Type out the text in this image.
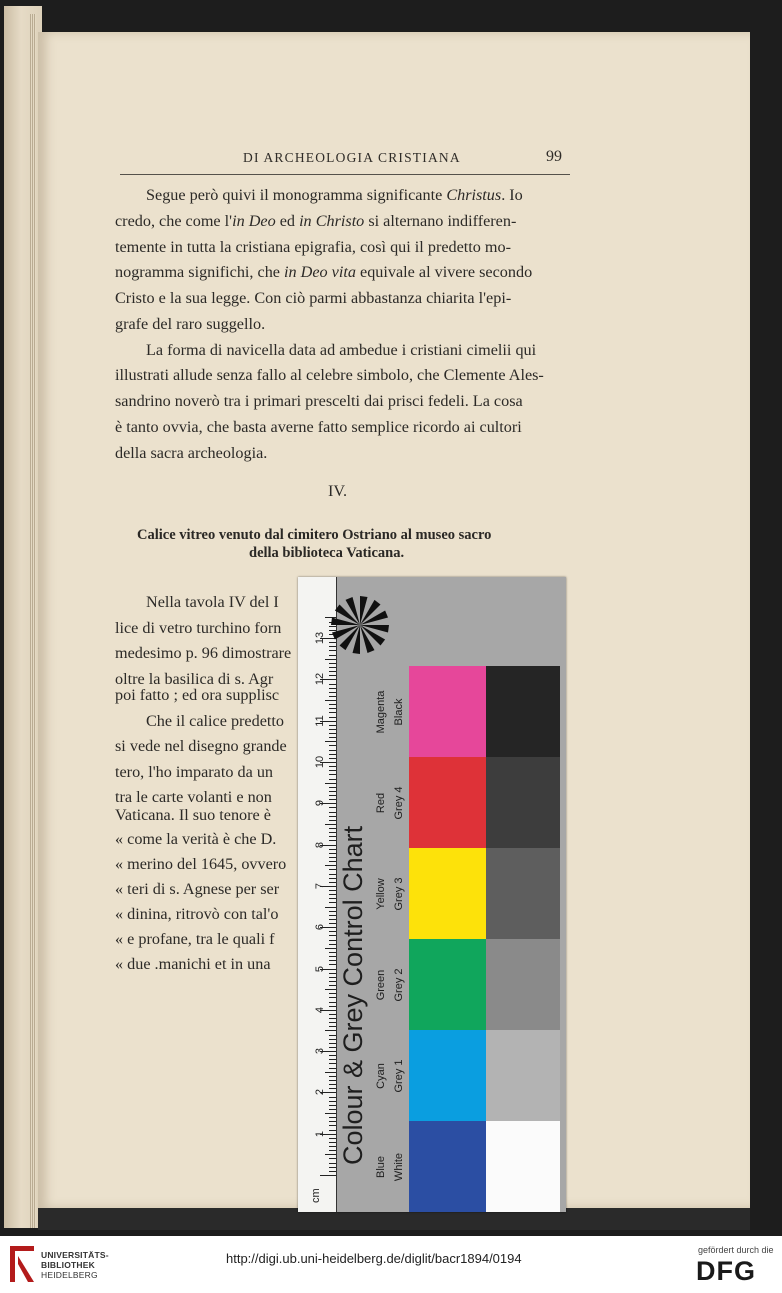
DI ARCHEOLOGIA CRISTIANA	99
Segue però quivi il monogramma significante Christus. Io
credo, che come l'in Deo ed in Christo si alternano indifferen-
temente in tutta la cristiana epigrafia, così qui il predetto mo-
nogramma significhi, che in Deo vita equivale al vivere secondo
Cristo e la sua legge. Con ciò parmi abbastanza chiarita l'epi-
grafe del raro suggello.
La forma di navicella data ad ambedue i cristiani cimelii qui
illustrati allude senza fallo al celebre simbolo, che Clemente Ales-
sandrino noverò tra i primari prescelti dai prisci fedeli. La cosa
è tanto ovvia, che basta averne fatto semplice ricordo ai cultori
della sacra archeologia.
IV.
Calice vitreo venuto dal cimitero Ostriano al museo sacro
della biblioteca Vaticana.
Nella tavola IV del I
lice di vetro turchino forn
medesimo p. 96 dimostrare
oltre la basilica di s. Agr
poi fatto ; ed ora supplisc
Che il calice predetto
si vede nel disegno grande
tero, l'ho imparato da un
tra le carte volanti e non
Vaticana. Il suo tenore è
« come la verità è che D.
« merino del 1645, ovvero
« teri di s. Agnese per ser
« dinina, ritrovò con tal'o
« e profane, tra le quali f
« due .manichi et in una
cm
Colour & Grey Control Chart
Blue White
Cyan Grey 1
Green Grey 2
Yellow Grey 3
Red Grey 4
Magenta Black
UNIVERSITÄTS-
BIBLIOTHEK
HEIDELBERG
http://digi.ub.uni-heidelberg.de/diglit/bacr1894/0194
gefördert durch die
DFG
1
2
3
4
5
6
7
8
9
10
11
12
13
